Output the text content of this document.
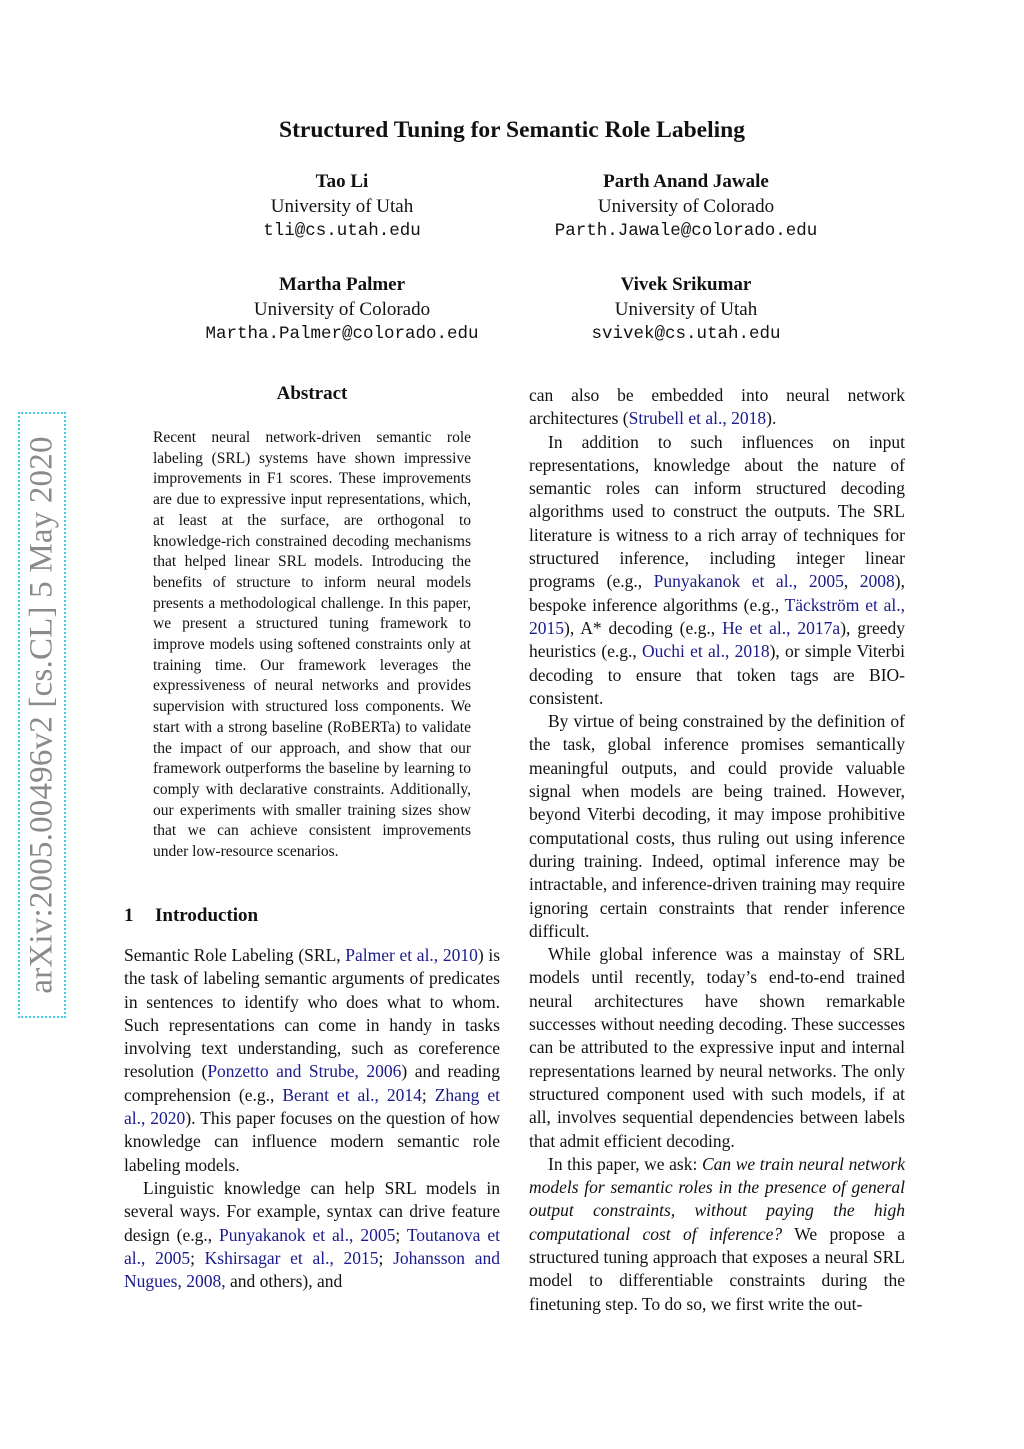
Structured Tuning for Semantic Role Labeling
Tao Li
University of Utah
tli@cs.utah.edu
Parth Anand Jawale
University of Colorado
Parth.Jawale@colorado.edu
Martha Palmer
University of Colorado
Martha.Palmer@colorado.edu
Vivek Srikumar
University of Utah
svivek@cs.utah.edu
arXiv:2005.00496v2 [cs.CL] 5 May 2020
Abstract
Recent neural network-driven semantic role labeling (SRL) systems have shown impressive improvements in F1 scores. These improvements are due to expressive input representations, which, at least at the surface, are orthogonal to knowledge-rich constrained decoding mechanisms that helped linear SRL models. Introducing the benefits of structure to inform neural models presents a methodological challenge. In this paper, we present a structured tuning framework to improve models using softened constraints only at training time. Our framework leverages the expressiveness of neural networks and provides supervision with structured loss components. We start with a strong baseline (RoBERTa) to validate the impact of our approach, and show that our framework outperforms the baseline by learning to comply with declarative constraints. Additionally, our experiments with smaller training sizes show that we can achieve consistent improvements under low-resource scenarios.
1 Introduction

Semantic Role Labeling (SRL, Palmer et al., 2010) is the task of labeling semantic arguments of predicates in sentences to identify who does what to whom. Such representations can come in handy in tasks involving text understanding, such as coreference resolution (Ponzetto and Strube, 2006) and reading comprehension (e.g., Berant et al., 2014; Zhang et al., 2020). This paper focuses on the question of how knowledge can influence modern semantic role labeling models.

Linguistic knowledge can help SRL models in several ways. For example, syntax can drive feature design (e.g., Punyakanok et al., 2005; Toutanova et al., 2005; Kshirsagar et al., 2015; Johansson and Nugues, 2008, and others), and

can also be embedded into neural network architectures (Strubell et al., 2018).

In addition to such influences on input representations, knowledge about the nature of semantic roles can inform structured decoding algorithms used to construct the outputs. The SRL literature is witness to a rich array of techniques for structured inference, including integer linear programs (e.g., Punyakanok et al., 2005, 2008), bespoke inference algorithms (e.g., Täckström et al., 2015), A* decoding (e.g., He et al., 2017a), greedy heuristics (e.g., Ouchi et al., 2018), or simple Viterbi decoding to ensure that token tags are BIO-consistent.

By virtue of being constrained by the definition of the task, global inference promises semantically meaningful outputs, and could provide valuable signal when models are being trained. However, beyond Viterbi decoding, it may impose prohibitive computational costs, thus ruling out using inference during training. Indeed, optimal inference may be intractable, and inference-driven training may require ignoring certain constraints that render inference difficult.

While global inference was a mainstay of SRL models until recently, today’s end-to-end trained neural architectures have shown remarkable successes without needing decoding. These successes can be attributed to the expressive input and internal representations learned by neural networks. The only structured component used with such models, if at all, involves sequential dependencies between labels that admit efficient decoding.

In this paper, we ask: Can we train neural network models for semantic roles in the presence of general output constraints, without paying the high computational cost of inference? We propose a structured tuning approach that exposes a neural SRL model to differentiable constraints during the finetuning step. To do so, we first write the out-
